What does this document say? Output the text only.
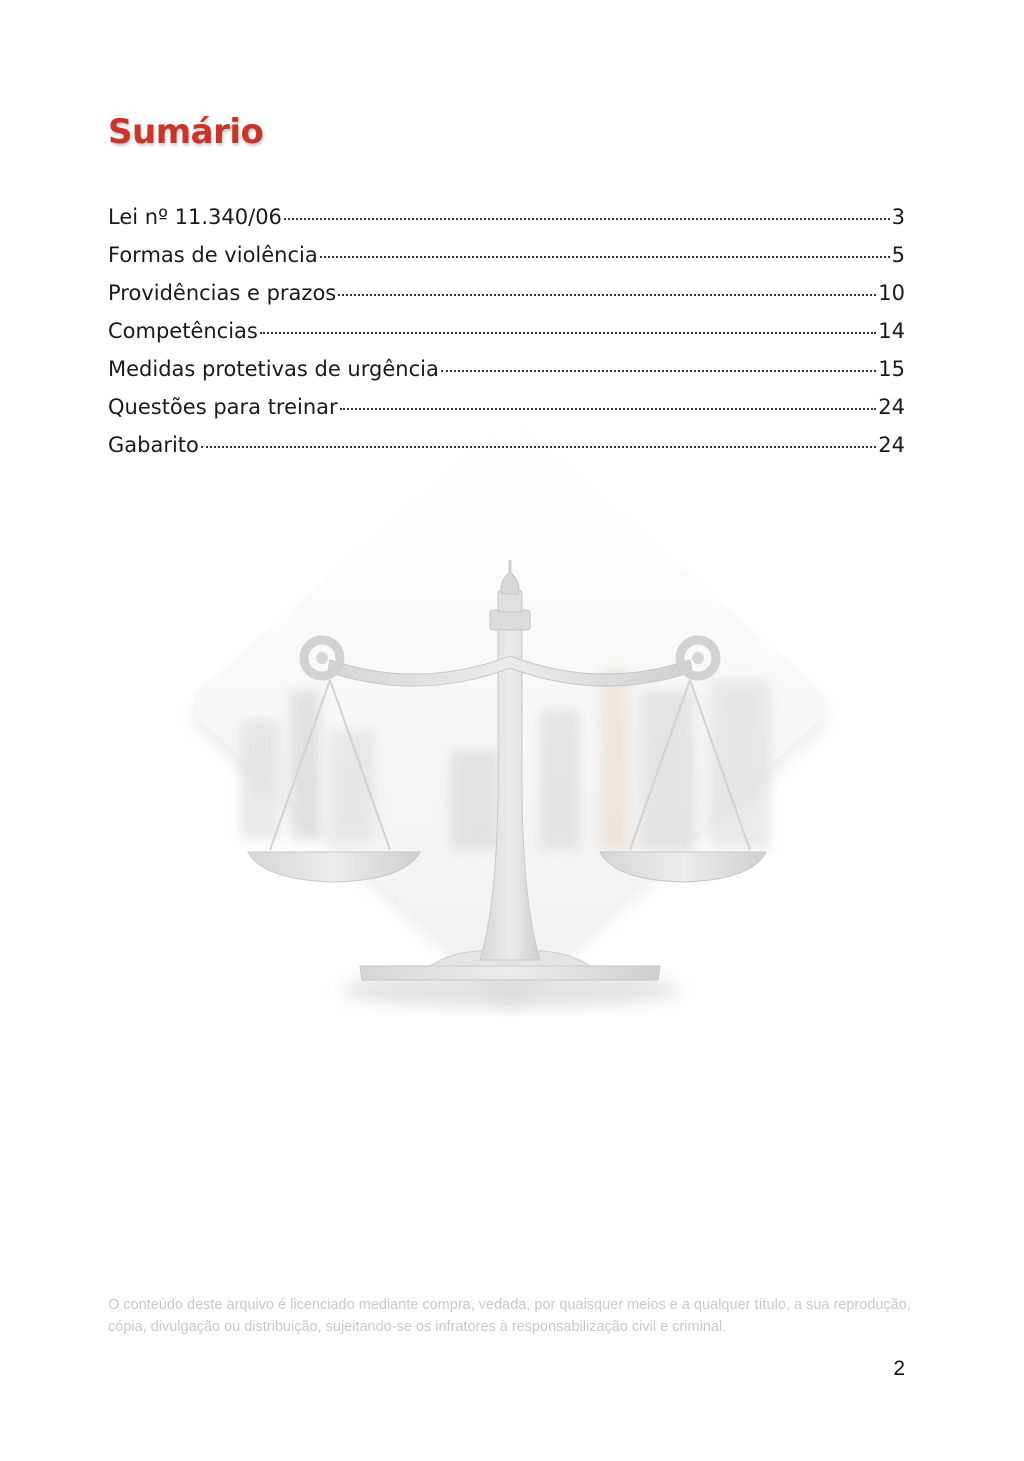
Sumário
Lei nº 11.340/06	3
Formas de violência	5
Providências e prazos	10
Competências	14
Medidas protetivas de urgência	15
Questões para treinar	24
Gabarito	24

O conteúdo deste arquivo é licenciado mediante compra, vedada, por quaisquer meios e a qualquer título, a sua reprodução, cópia, divulgação ou distribuição, sujeitando-se os infratores à responsabilização civil e criminal.

2
